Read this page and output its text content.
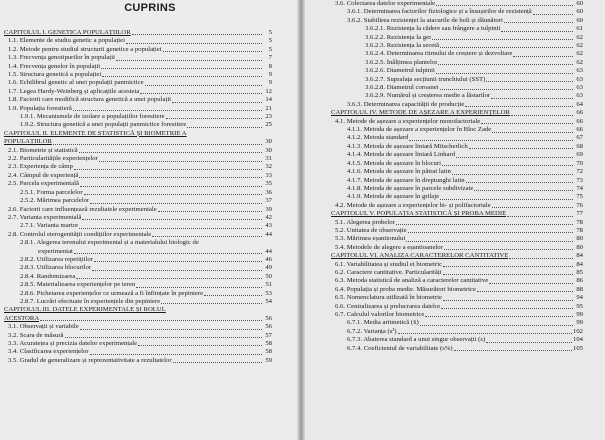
CUPRINS
CAPITOLUL I. GENETICA POPULAȚIILOR	5
1.1. Elemente de studiu genetic a populației	5
1.2. Metode pentru studiul structurii genetice a populației	5
1.3. Frecvența genotipurilor în populații	7
1.4. Frecvența genelor în populații	8
1.5. Structura genetică a populației	9
1.6. Echilibrul genetic al unei populații panmictice	9
1.7. Legea Hardy-Weinberg și aplicațiile acesteia	12
1.8. Factorii care modifică structura genetică a unei populații	14
1.9. Populația forestieră	21
1.9.1. Mecanismele de izolare a populațiilor forestiere	23
1.9.2. Structura genetică a unei populații panmictice forestiere	25
CAPITOLUL II. ELEMENTE DE STATISTICĂ ȘI BIOMETRIE A
POPULAȚIILOR	30
2.1. Biometrie și statistică	30
2.2. Particularitățile experiențelor	31
2.3. Experiența de câmp	32
2.4. Câmpul de experiență	33
2.5. Parcela experimentală	35
2.5.1. Forma parcelelor	36
2.5.2. Mărimea parcelelor	37
2.6. Factorii care influențează rezultatele experimentale	39
2.7. Varianta experimentală	42
2.7.1. Varianta martor	43
2.8. Controlul eterogenității condițiilor experimentale	44
2.8.1. Alegerea terenului experimental și a materialului biologic de
experimentat	44
2.8.2. Utilizarea repetițiilor	46
2.8.3. Utilizarea blocurilor	49
2.8.4. Randomizarea	50
2.8.5. Materializarea experiențelor pe teren	51
2.8.6. Pichetarea experiențelor ce urmează a fi înființate în pepiniere	53
2.8.7. Lucrări efectuate în experiențele din pepiniere	54
CAPITOLUL III. DATELE EXPERIMENTALE ȘI ROLUL
ACESTORA	56
3.1. Observații și variabile	56
3.2. Scara de măsură	57
3.3. Acuratețea și precizia datelor experimentale	58
3.4. Clasificarea experiențelor	58
3.5. Gradul de generalizare și reprezentativitate a rezultatelor	59
3.6. Colectarea datelor experimentale	60
3.6.1. Determinarea factorilor fiziologice și a însușirilor de rezistență	60
3.6.2. Stabilirea rezistenței la atacurile de boli și dăunători	60
3.6.2.1. Rezistența la cădere sau frângere a tulpinii	61
3.6.2.2. Rezistența la ger	62
3.6.2.3. Rezistența la secetă	62
3.6.2.4. Determinarea ritmului de creștere și dezvoltare	62
3.6.2.5. Înălțimea plantelor	62
3.6.2.6. Diametrul tulpinii	63
3.6.2.7. Suprafața secțiunii trunchiului (SST)	63
3.6.2.8. Diametrul coroanei	63
3.6.2.9. Numărul și creșterea medie a lăstarilor	63
3.6.3. Determinarea capacității de producție	64
CAPITOLUL IV. METODE DE AȘEZARE A EXPERIENȚELOR	66
4.1. Metode de așezare a experiențelor monofactoriale	66
4.1.1. Metoda de așezare a experiențelor în Bloc Zade	66
4.1.2. Metoda standard	67
4.1.3. Metoda de așezare liniară Mitscherlich	68
4.1.4. Metoda de așezare liniară Linhard	69
4.1.5. Metoda de așezare în blocuri	70
4.1.6. Metoda de așezare în pătrat latin	72
4.1.7. Metoda de așezare în dreptunghi latin	73
4.1.8. Metoda de așezare în parcele subdivizate	74
4.1.9. Metoda de așezare în grilaje	75
4.2. Metode de așezare a experiențelor bi- și polifactoriale	76
CAPITOLUL V. POPULAȚIA STATISTICĂ ȘI PROBA MEDIE	77
5.1. Alegerea probelor	78
5.2. Unitatea de observație	78
5.3. Mărimea eșantionului	80
5.4. Metodele de alegere a eșantioanelor	80
CAPITOLUL VI. ANALIZA CARACTERELOR CANTITATIVE	84
6.1. Variabilitatea și studiul ei biometric	84
6.2. Caractere cantitative. Particularități	85
6.3. Metoda statistică de analiză a caracterelor cantitative	86
6.4. Populația și proba medie. Măsurători biometrice	88
6.5. Nomenclatura utilizată în biometrie	94
6.6. Centralizarea și prelucrarea datelor	95
6.7. Calculul valorilor biometrice	99
6.7.1. Media aritmetică (x̄)	99
6.7.2. Varianța (s²)	102
6.7.3. Abaterea standard a unui singur observații (s)	104
6.7.4. Coeficientul de variabilitate (s%)	105
